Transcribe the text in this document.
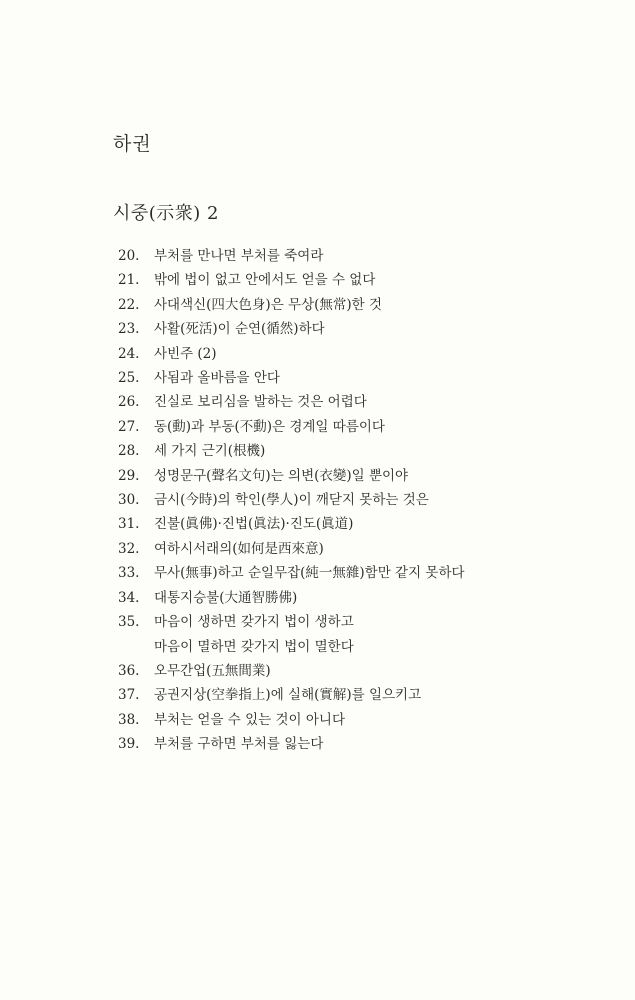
하권
시중(示衆) 2
20.	부처를 만나면 부처를 죽여라
21.	밖에 법이 없고 안에서도 얻을 수 없다
22.	사대색신(四大色身)은 무상(無常)한 것
23.	사활(死活)이 순연(循然)하다
24.	사빈주 (2)
25.	사됨과 올바름을 안다
26.	진실로 보리심을 발하는 것은 어렵다
27.	동(動)과 부동(不動)은 경계일 따름이다
28.	세 가지 근기(根機)
29.	성명문구(聲名文句)는 의변(衣變)일 뿐이야
30.	금시(今時)의 학인(學人)이 깨닫지 못하는 것은
31.	진불(眞佛)·진법(眞法)·진도(眞道)
32.	여하시서래의(如何是西來意)
33.	무사(無事)하고 순일무잡(純一無雜)함만 같지 못하다
34.	대통지승불(大通智勝佛)
35.	마음이 생하면 갖가지 법이 생하고
마음이 멸하면 갖가지 법이 멸한다
36.	오무간업(五無間業)
37.	공권지상(空拳指上)에 실해(實解)를 일으키고
38.	부처는 얻을 수 있는 것이 아니다
39.	부처를 구하면 부처를 잃는다
